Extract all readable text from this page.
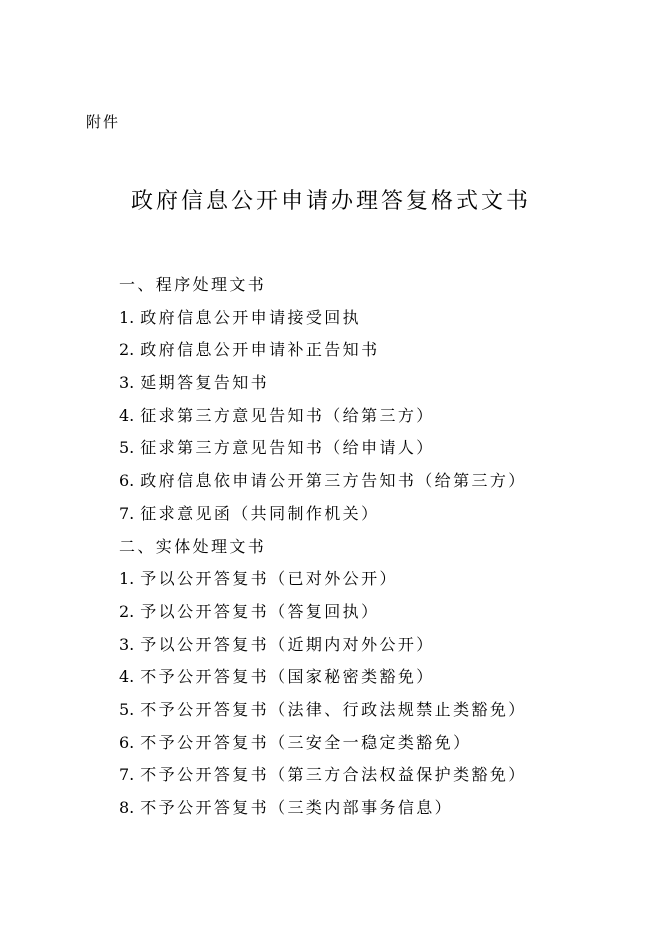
附件
政府信息公开申请办理答复格式文书
一、程序处理文书
1. 政府信息公开申请接受回执
2. 政府信息公开申请补正告知书
3. 延期答复告知书
4. 征求第三方意见告知书（给第三方）
5. 征求第三方意见告知书（给申请人）
6. 政府信息依申请公开第三方告知书（给第三方）
7. 征求意见函（共同制作机关）
二、实体处理文书
1. 予以公开答复书（已对外公开）
2. 予以公开答复书（答复回执）
3. 予以公开答复书（近期内对外公开）
4. 不予公开答复书（国家秘密类豁免）
5. 不予公开答复书（法律、行政法规禁止类豁免）
6. 不予公开答复书（三安全一稳定类豁免）
7. 不予公开答复书（第三方合法权益保护类豁免）
8. 不予公开答复书（三类内部事务信息）
